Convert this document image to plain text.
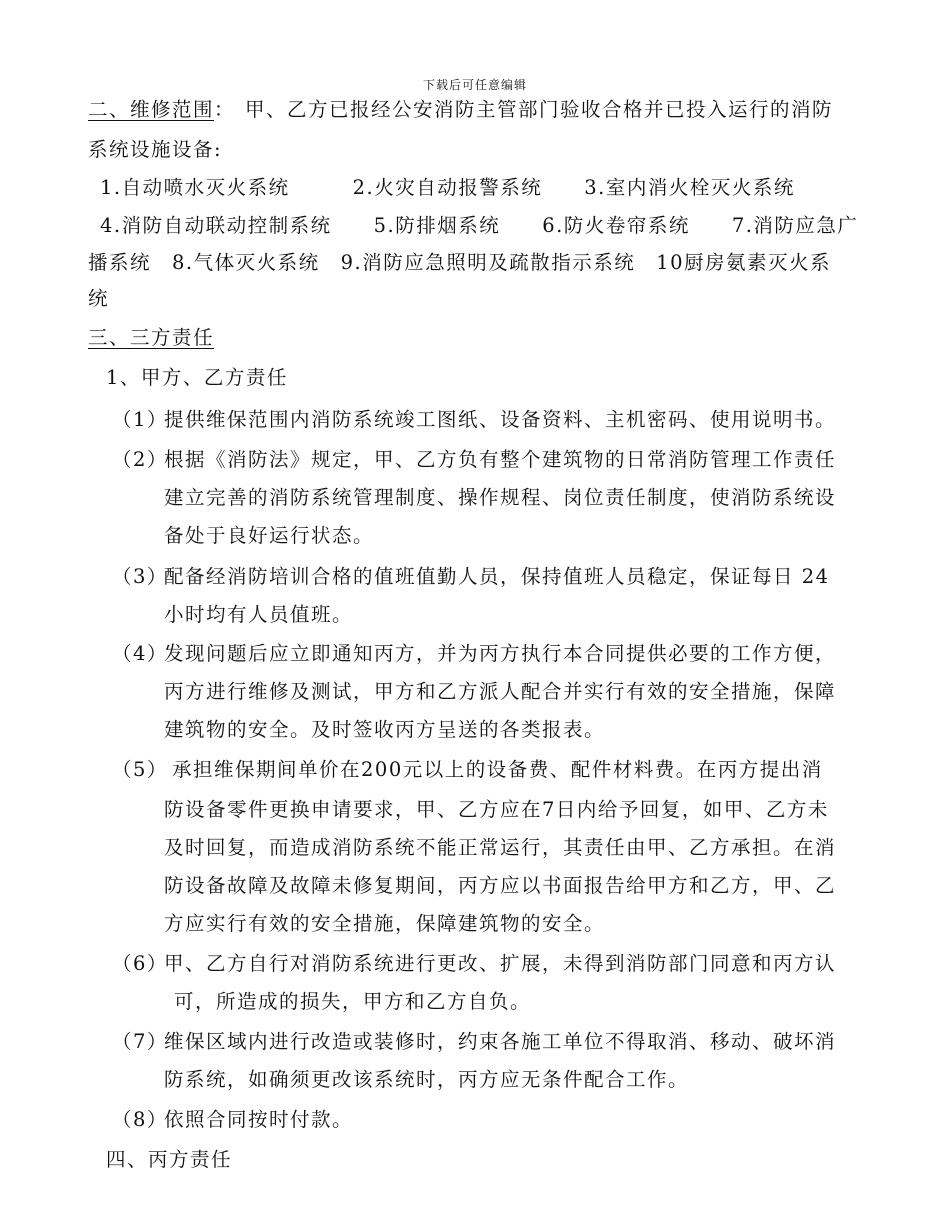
下载后可任意编辑
二、维修范围： 甲、乙方已报经公安消防主管部门验收合格并已投入运行的消防
系统设施设备:
1.自动喷水灭火系统　　　2.火灾自动报警系统　　3.室内消火栓灭火系统
4.消防自动联动控制系统　　5.防排烟系统　　6.防火卷帘系统　　7.消防应急广
播系统　8.气体灭火系统　9.消防应急照明及疏散指示系统　10厨房氨素灭火系
统
三、三方责任
1、甲方、乙方责任
（1）
提供维保范围内消防系统竣工图纸、设备资料、主机密码、使用说明书。
（2）
根据《消防法》规定，甲、乙方负有整个建筑物的日常消防管理工作责任
建立完善的消防系统管理制度、操作规程、岗位责任制度，使消防系统设
备处于良好运行状态。
（3）
配备经消防培训合格的值班值勤人员，保持值班人员稳定，保证每日 24
小时均有人员值班。
（4）
发现问题后应立即通知丙方，并为丙方执行本合同提供必要的工作方便，
丙方进行维修及测试，甲方和乙方派人配合并实行有效的安全措施，保障
建筑物的安全。及时签收丙方呈送的各类报表。
（5） 承担维保期间单价在200元以上的设备费、配件材料费。在丙方提出消
防设备零件更换申请要求，甲、乙方应在7日内给予回复，如甲、乙方未
及时回复，而造成消防系统不能正常运行，其责任由甲、乙方承担。在消
防设备故障及故障未修复期间，丙方应以书面报告给甲方和乙方，甲、乙
方应实行有效的安全措施，保障建筑物的安全。
（6）
甲、乙方自行对消防系统进行更改、扩展，未得到消防部门同意和丙方认
可，所造成的损失，甲方和乙方自负。
（7）
维保区域内进行改造或装修时，约束各施工单位不得取消、移动、破坏消
防系统，如确须更改该系统时，丙方应无条件配合工作。
（8）
依照合同按时付款。
四、丙方责任
